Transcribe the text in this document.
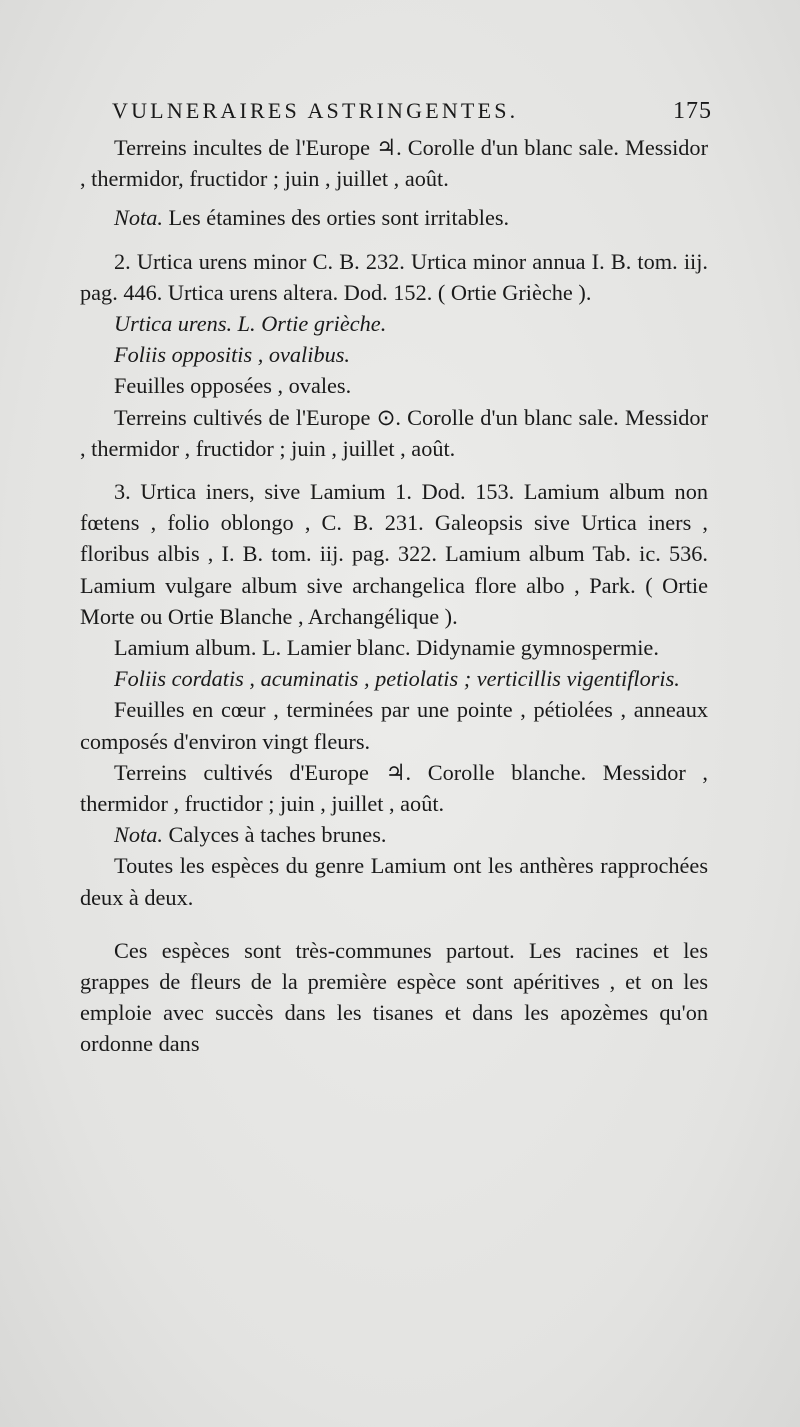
VULNERAIRES ASTRINGENTES.	175

Terreins incultes de l'Europe ♃. Corolle d'un blanc sale. Messidor , thermidor, fructidor ; juin , juillet , août.

Nota. Les étamines des orties sont irritables.

2. Urtica urens minor C. B. 232. Urtica minor annua I. B. tom. iij. pag. 446. Urtica urens altera. Dod. 152. ( Ortie Grièche ).

Urtica urens. L. Ortie grièche.

Foliis oppositis , ovalibus.

Feuilles opposées , ovales.

Terreins cultivés de l'Europe ⊙. Corolle d'un blanc sale. Messidor , thermidor , fructidor ; juin , juillet , août.

3. Urtica iners, sive Lamium 1. Dod. 153. Lamium album non fœtens , folio oblongo , C. B. 231. Galeopsis sive Urtica iners , floribus albis , I. B. tom. iij. pag. 322. Lamium album Tab. ic. 536. Lamium vulgare album sive archangelica flore albo , Park. ( Ortie Morte ou Ortie Blanche , Archangélique ).

Lamium album. L. Lamier blanc. Didynamie gymnospermie.

Foliis cordatis , acuminatis , petiolatis ; verticillis vigentifloris.

Feuilles en cœur , terminées par une pointe , pétiolées , anneaux composés d'environ vingt fleurs.

Terreins cultivés d'Europe ♃. Corolle blanche. Messidor , thermidor , fructidor ; juin , juillet , août.

Nota. Calyces à taches brunes.

Toutes les espèces du genre Lamium ont les anthères rapprochées deux à deux.

Ces espèces sont très-communes partout. Les racines et les grappes de fleurs de la première espèce sont apéritives , et on les emploie avec succès dans les tisanes et dans les apozèmes qu'on ordonne dans
